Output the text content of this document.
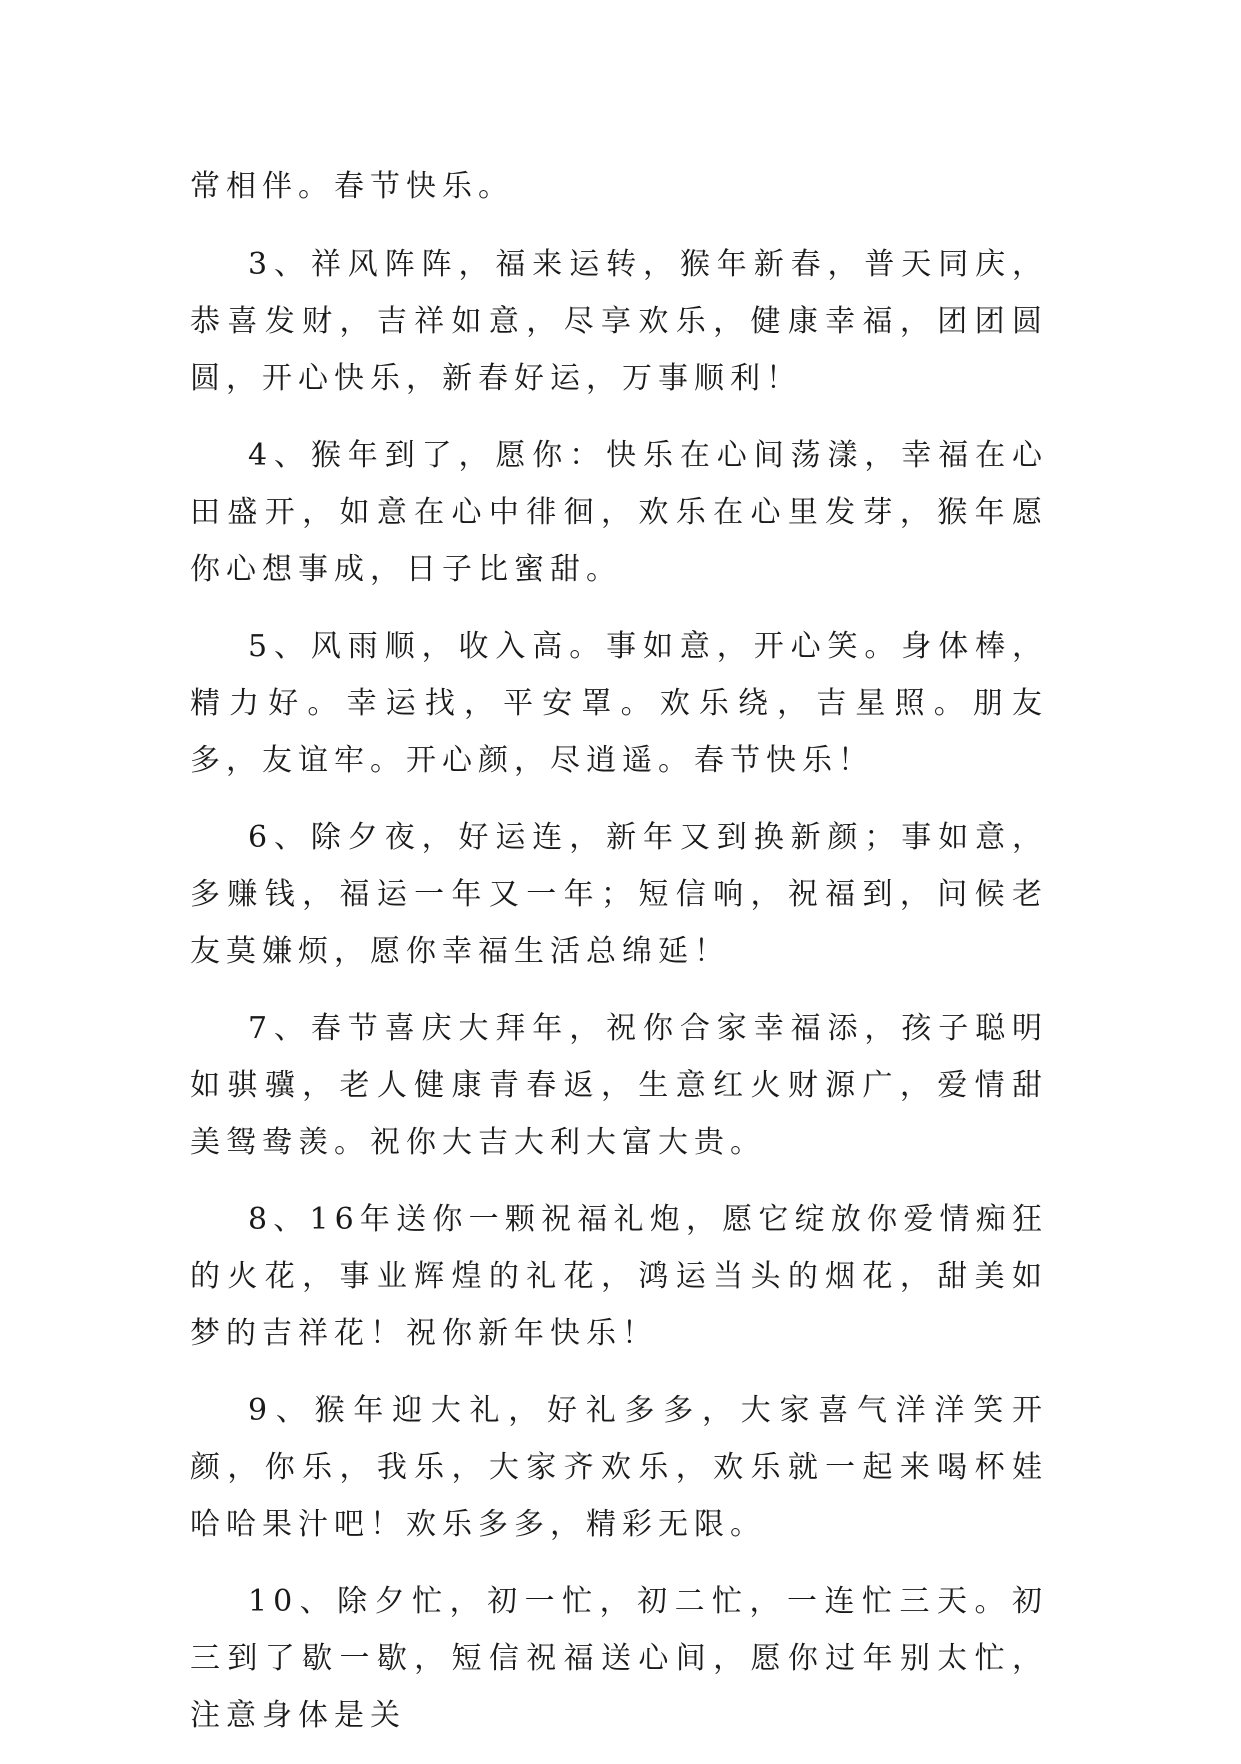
常相伴。春节快乐。

3、祥风阵阵，福来运转，猴年新春，普天同庆，恭喜发财，吉祥如意，尽享欢乐，健康幸福，团团圆圆，开心快乐，新春好运，万事顺利！

4、猴年到了，愿你：快乐在心间荡漾，幸福在心田盛开，如意在心中徘徊，欢乐在心里发芽，猴年愿你心想事成，日子比蜜甜。

5、风雨顺，收入高。事如意，开心笑。身体棒，精力好。幸运找，平安罩。欢乐绕，吉星照。朋友多，友谊牢。开心颜，尽逍遥。春节快乐！

6、除夕夜，好运连，新年又到换新颜；事如意，多赚钱，福运一年又一年；短信响，祝福到，问候老友莫嫌烦，愿你幸福生活总绵延！

7、春节喜庆大拜年，祝你合家幸福添，孩子聪明如骐骥，老人健康青春返，生意红火财源广，爱情甜美鸳鸯羡。祝你大吉大利大富大贵。

8、16年送你一颗祝福礼炮，愿它绽放你爱情痴狂的火花，事业辉煌的礼花，鸿运当头的烟花，甜美如梦的吉祥花！祝你新年快乐！

9、猴年迎大礼，好礼多多，大家喜气洋洋笑开颜，你乐，我乐，大家齐欢乐，欢乐就一起来喝杯娃哈哈果汁吧！欢乐多多，精彩无限。

10、除夕忙，初一忙，初二忙，一连忙三天。初三到了歇一歇，短信祝福送心间，愿你过年别太忙，注意身体是关
